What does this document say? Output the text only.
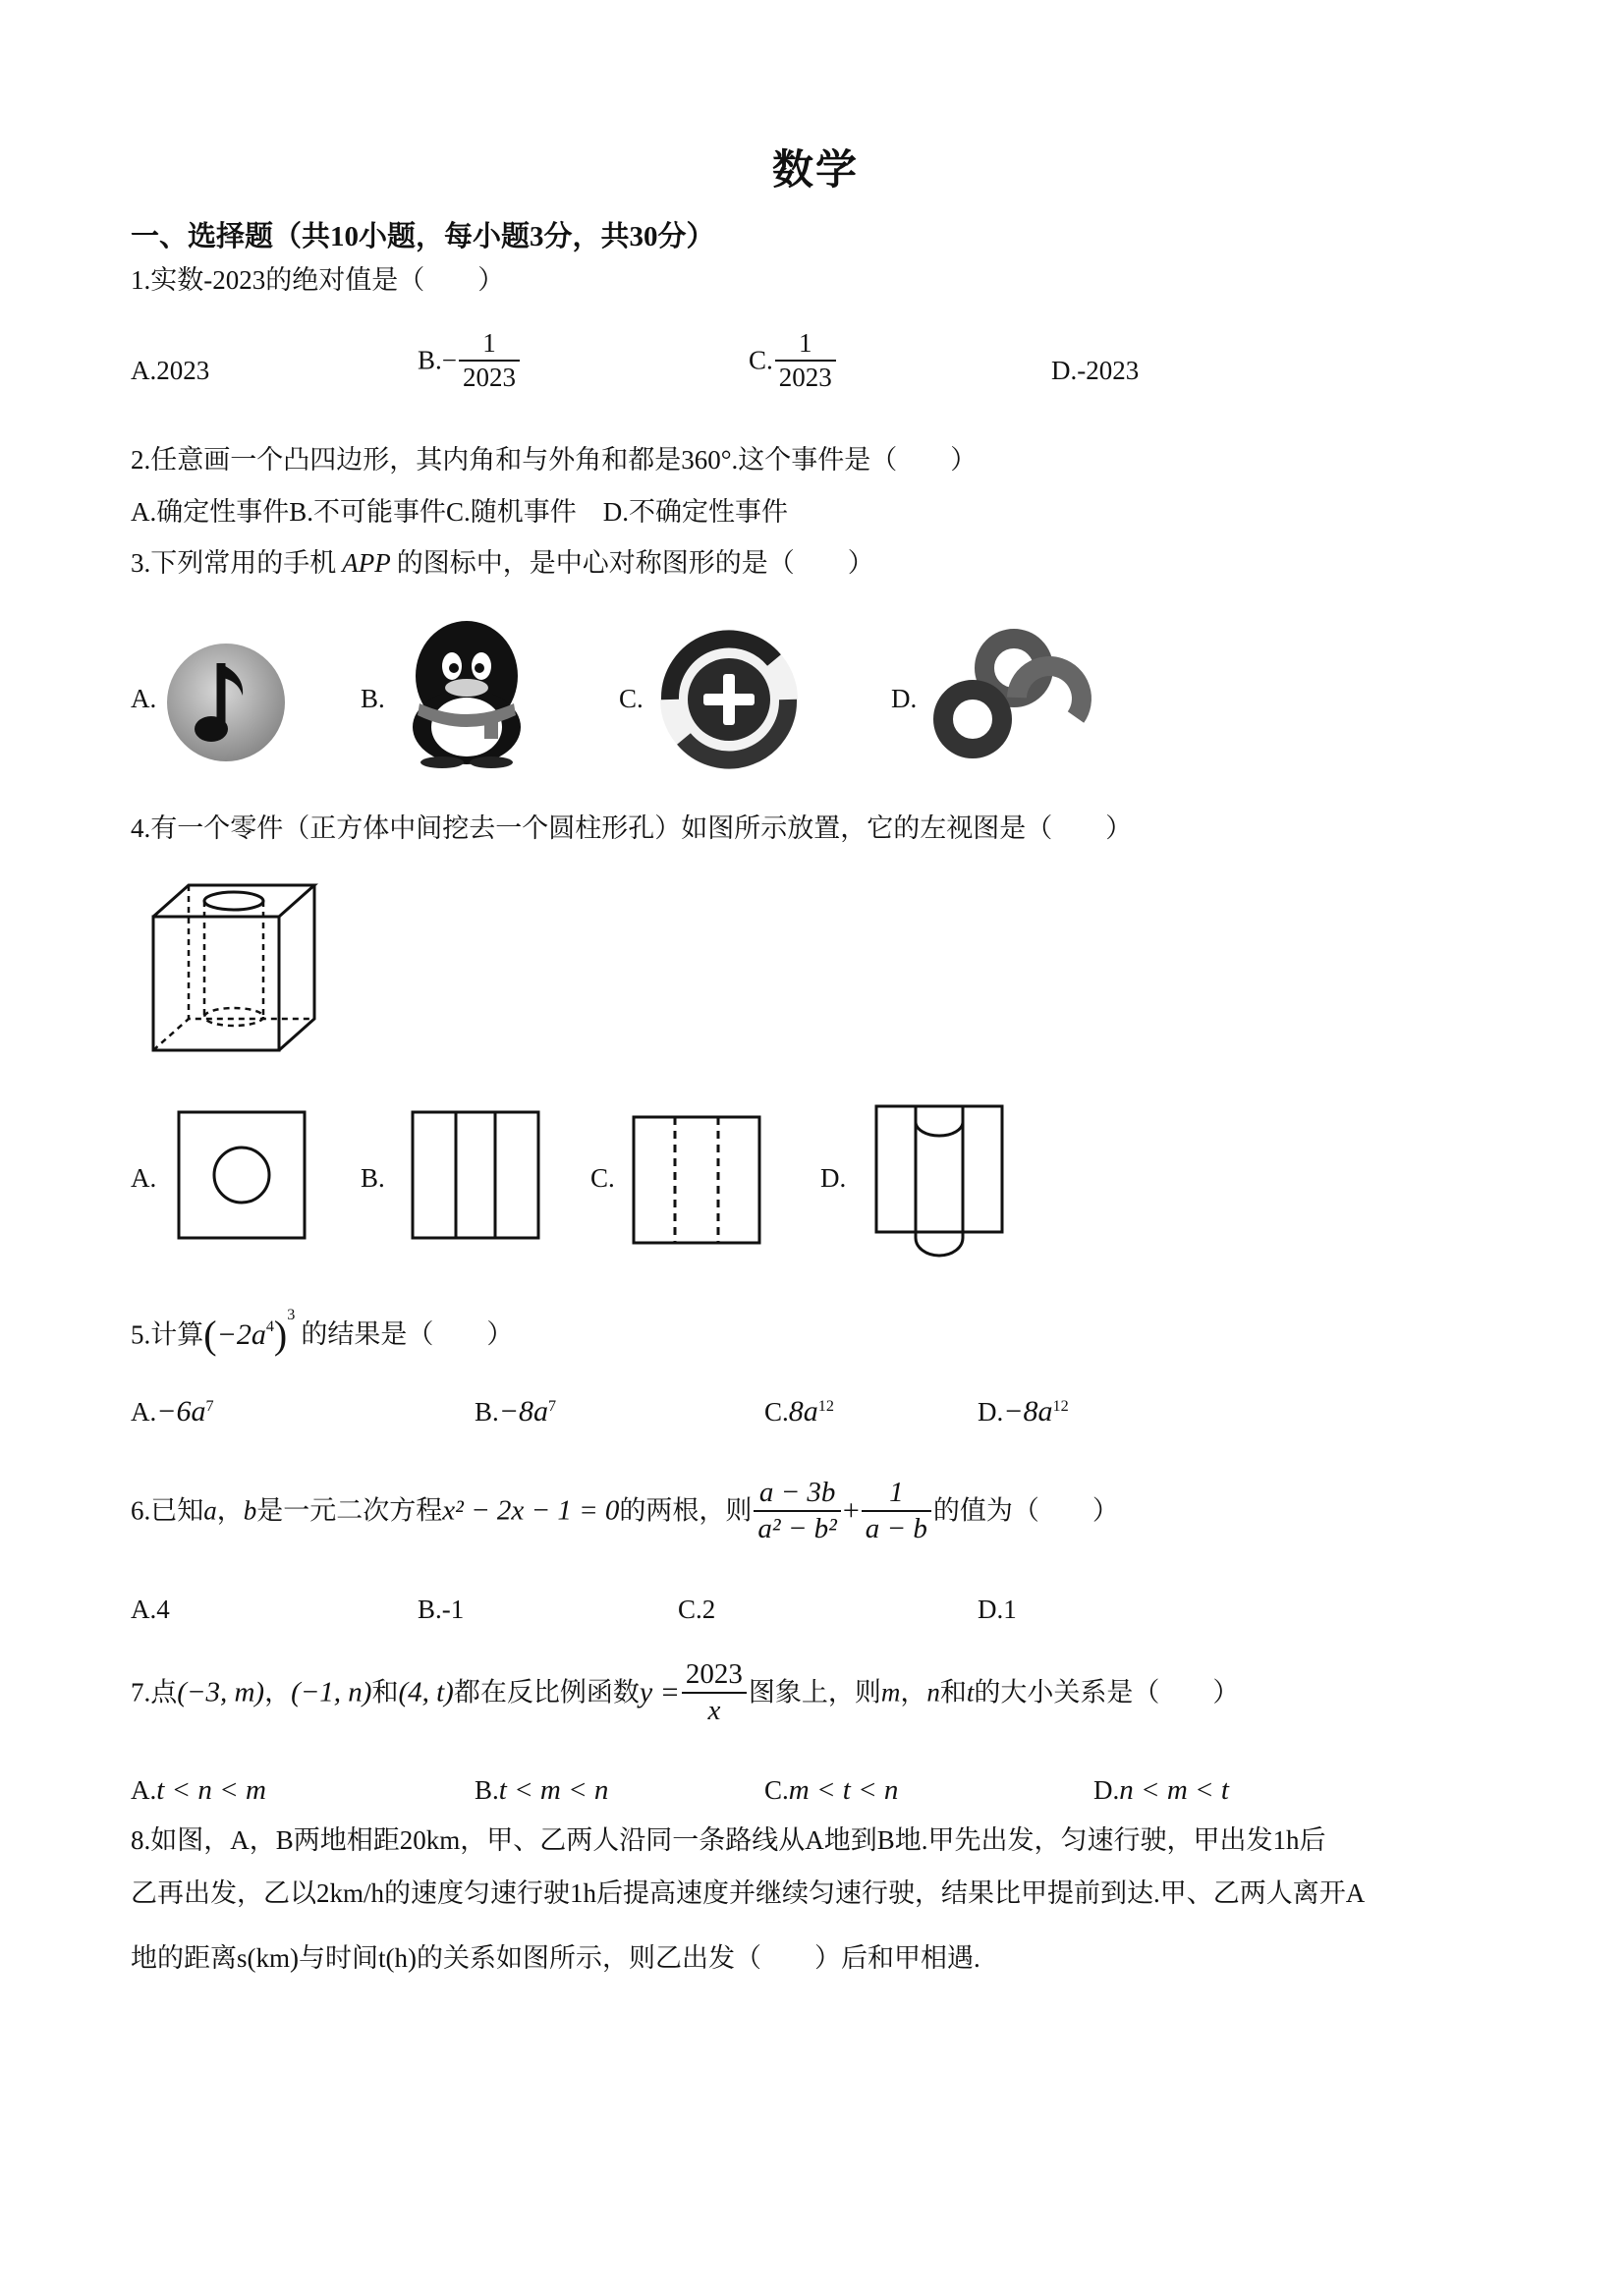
数学
一、选择题（共10小题，每小题3分，共30分）
1.实数-2023的绝对值是（　　）
A.2023	$B.- \frac{1}{2023}$	C. $\frac{1}{2023}$	D.-2023
2.任意画一个凸四边形，其内角和与外角和都是360°.这个事件是（　　）
A.确定性事件B.不可能事件C.随机事件　D.不确定性事件
3.下列常用的手机 APP 的图标中，是中心对称图形的是（　　）
A.	B.	C.	D.
4.有一个零件（正方体中间挖去一个圆柱形孔）如图所示放置，它的左视图是（　　）
A.	B.	C.	D.
5.计算$(-2a^4)^3$的结果是（　　）
$A.-6a^7$	$B.-8a^7$	$C.8a^{12}$	$D.-8a^{12}$
6.已知a，b是一元二次方程x² − 2x − 1 = 0的两根，则 $\frac{a - 3b}{\text{a² − b²}} + \frac{1}{a - b}$ 的值为（　　）
A.4	B.-1	C.2	D.1
7.点(−3, m)，(−1, n)和(4, t)都在反比例函数$y = \frac{2023}{x}$ 图象上，则m，n和t的大小关系是（　　）
A.t < n < m	B.t < m < n	C.m < t < n	D.n < m < t
8.如图，A，B两地相距20km，甲、乙两人沿同一条路线从A地到B地.甲先出发，匀速行驶，甲出发1h后
乙再出发，乙以2km/h的速度匀速行驶1h后提高速度并继续匀速行驶，结果比甲提前到达.甲、乙两人离开A
地的距离s(km)与时间t(h)的关系如图所示，则乙出发（　　）后和甲相遇.
